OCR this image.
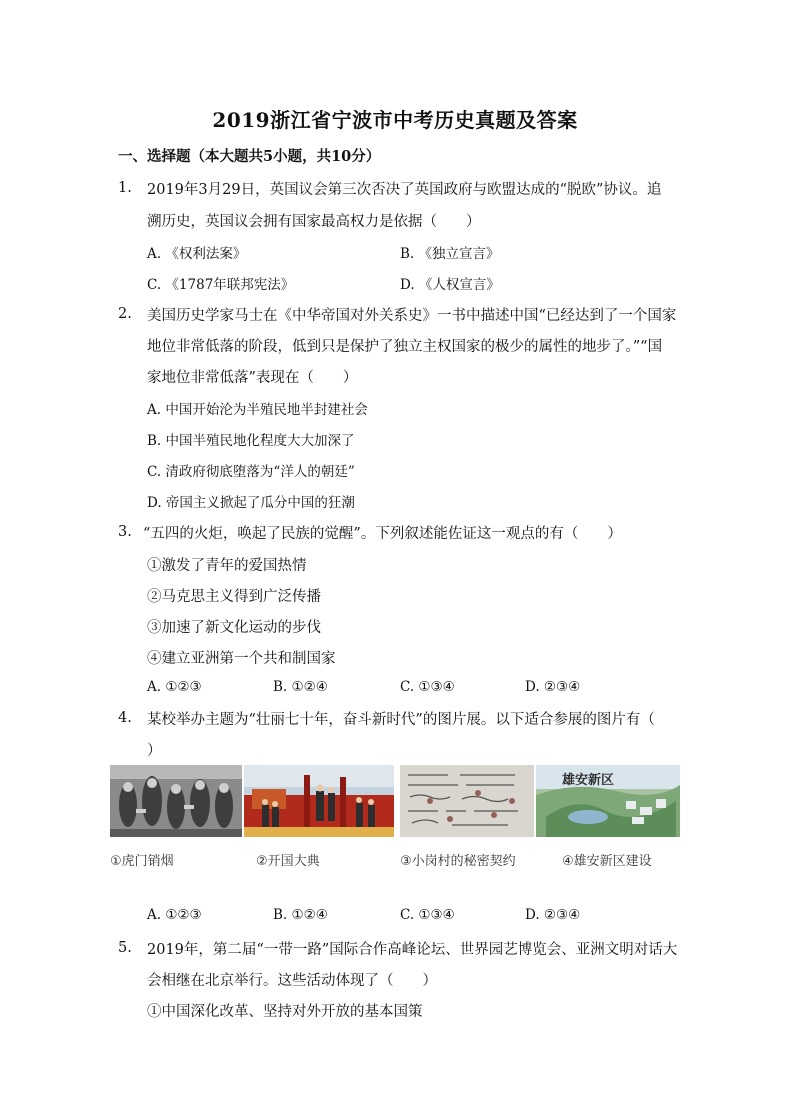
2019浙江省宁波市中考历史真题及答案
一、选择题（本大题共5小题，共10分）
1. 2019年3月29日，英国议会第三次否决了英国政府与欧盟达成的“脱欧”协议。追
溯历史，英国议会拥有国家最高权力是依据（　　）
A. 《权利法案》	B. 《独立宣言》
C. 《1787年联邦宪法》	D. 《人权宣言》
2. 美国历史学家马士在《中华帝国对外关系史》一书中描述中国“已经达到了一个国家
地位非常低落的阶段，低到只是保护了独立主权国家的极少的属性的地步了。”“国
家地位非常低落”表现在（　　）
A. 中国开始沦为半殖民地半封建社会
B. 中国半殖民地化程度大大加深了
C. 清政府彻底堕落为“洋人的朝廷”
D. 帝国主义掀起了瓜分中国的狂潮
3. “五四的火炬，唤起了民族的觉醒”。下列叙述能佐证这一观点的有（　　）
①激发了青年的爱国热情
②马克思主义得到广泛传播
③加速了新文化运动的步伐
④建立亚洲第一个共和制国家
A. ①②③	B. ①②④	C. ①③④	D. ②③④
4. 某校举办主题为“壮丽七十年，奋斗新时代”的图片展。以下适合参展的图片有（
）
雄安新区
①虎门销烟	②开国大典	③小岗村的秘密契约	④雄安新区建设
A. ①②③	B. ①②④	C. ①③④	D. ②③④
5. 2019年，第二届“一带一路”国际合作高峰论坛、世界园艺博览会、亚洲文明对话大
会相继在北京举行。这些活动体现了（　　）
①中国深化改革、坚持对外开放的基本国策
